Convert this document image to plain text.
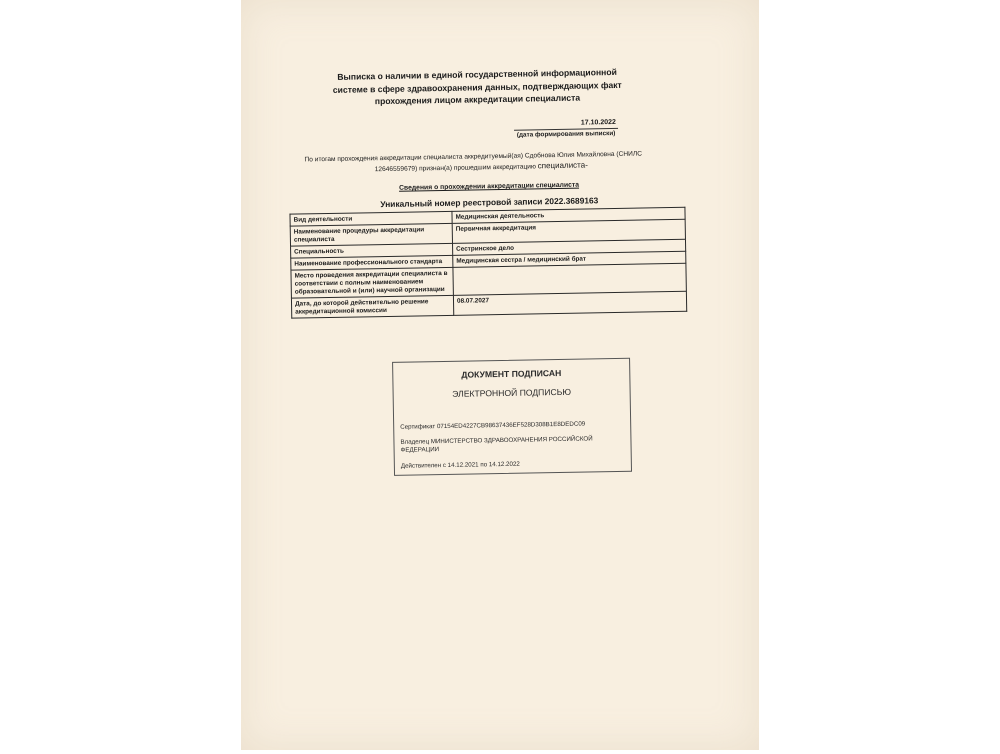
Выписка о наличии в единой государственной информационной
системе в сфере здравоохранения данных, подтверждающих факт
прохождения лицом аккредитации специалиста
17.10.2022
(дата формирования выписки)
По итогам прохождения аккредитации специалиста аккредитуемый(ая) Сдобнова Юлия Михайловна (СНИЛС
12646559679) признан(а) прошедшим аккредитацию специалиста-
Сведения о прохождении аккредитации специалиста
Уникальный номер реестровой записи 2022.3689163
Вид деятельности	Медицинская деятельность
Наименование процедуры аккредитации специалиста	Первичная аккредитация
Специальность	Сестринское дело
Наименование профессионального стандарта	Медицинская сестра / медицинский брат
Место проведения аккредитации специалиста в соответствии с полным наименованием образовательной и (или) научной организации	
Дата, до которой действительно решение аккредитационной комиссии	08.07.2027
ДОКУМЕНТ ПОДПИСАН
ЭЛЕКТРОННОЙ ПОДПИСЬЮ
Сертификат 07154ED4227CB98637436EF528D308B1E8DEDC09
Владелец МИНИСТЕРСТВО ЗДРАВООХРАНЕНИЯ РОССИЙСКОЙ ФЕДЕРАЦИИ
Действителен с 14.12.2021 по 14.12.2022
